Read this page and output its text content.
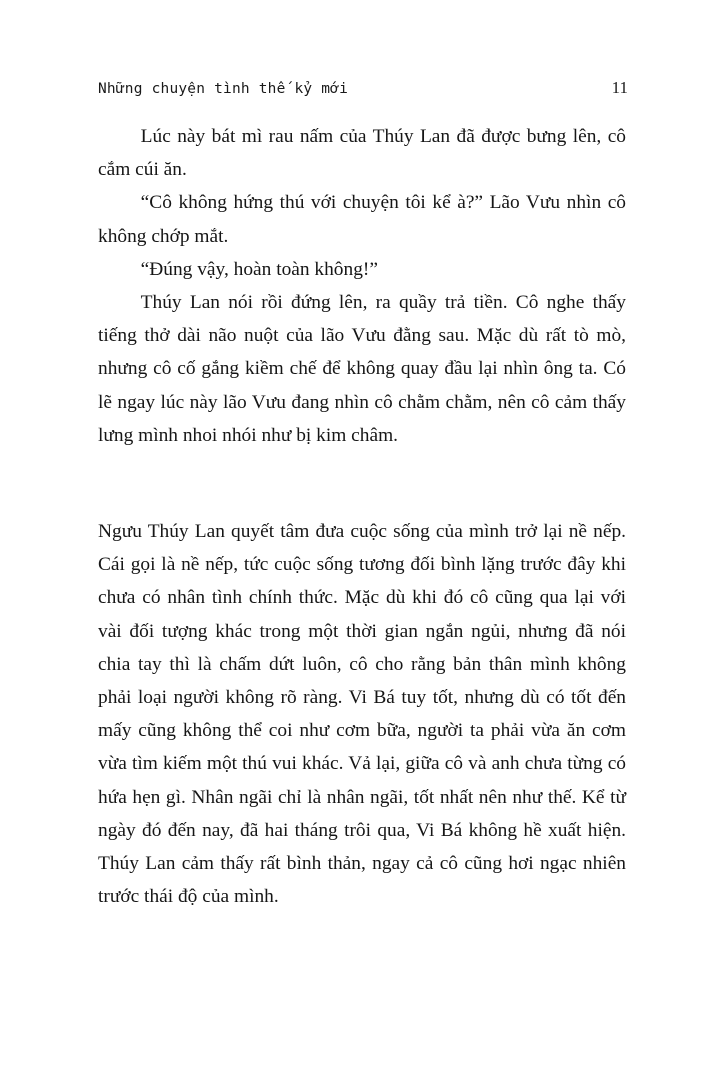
Những chuyện tình thế kỷ mới	11

Lúc này bát mì rau nấm của Thúy Lan đã được bưng lên, cô cắm cúi ăn.

“Cô không hứng thú với chuyện tôi kể à?” Lão Vưu nhìn cô không chớp mắt.

“Đúng vậy, hoàn toàn không!”

Thúy Lan nói rồi đứng lên, ra quầy trả tiền. Cô nghe thấy tiếng thở dài não nuột của lão Vưu đằng sau. Mặc dù rất tò mò, nhưng cô cố gắng kiềm chế để không quay đầu lại nhìn ông ta. Có lẽ ngay lúc này lão Vưu đang nhìn cô chằm chằm, nên cô cảm thấy lưng mình nhoi nhói như bị kim châm.

Ngưu Thúy Lan quyết tâm đưa cuộc sống của mình trở lại nề nếp. Cái gọi là nề nếp, tức cuộc sống tương đối bình lặng trước đây khi chưa có nhân tình chính thức. Mặc dù khi đó cô cũng qua lại với vài đối tượng khác trong một thời gian ngắn ngủi, nhưng đã nói chia tay thì là chấm dứt luôn, cô cho rằng bản thân mình không phải loại người không rõ ràng. Vi Bá tuy tốt, nhưng dù có tốt đến mấy cũng không thể coi như cơm bữa, người ta phải vừa ăn cơm vừa tìm kiếm một thú vui khác. Vả lại, giữa cô và anh chưa từng có hứa hẹn gì. Nhân ngãi chỉ là nhân ngãi, tốt nhất nên như thế. Kể từ ngày đó đến nay, đã hai tháng trôi qua, Vi Bá không hề xuất hiện. Thúy Lan cảm thấy rất bình thản, ngay cả cô cũng hơi ngạc nhiên trước thái độ của mình.
